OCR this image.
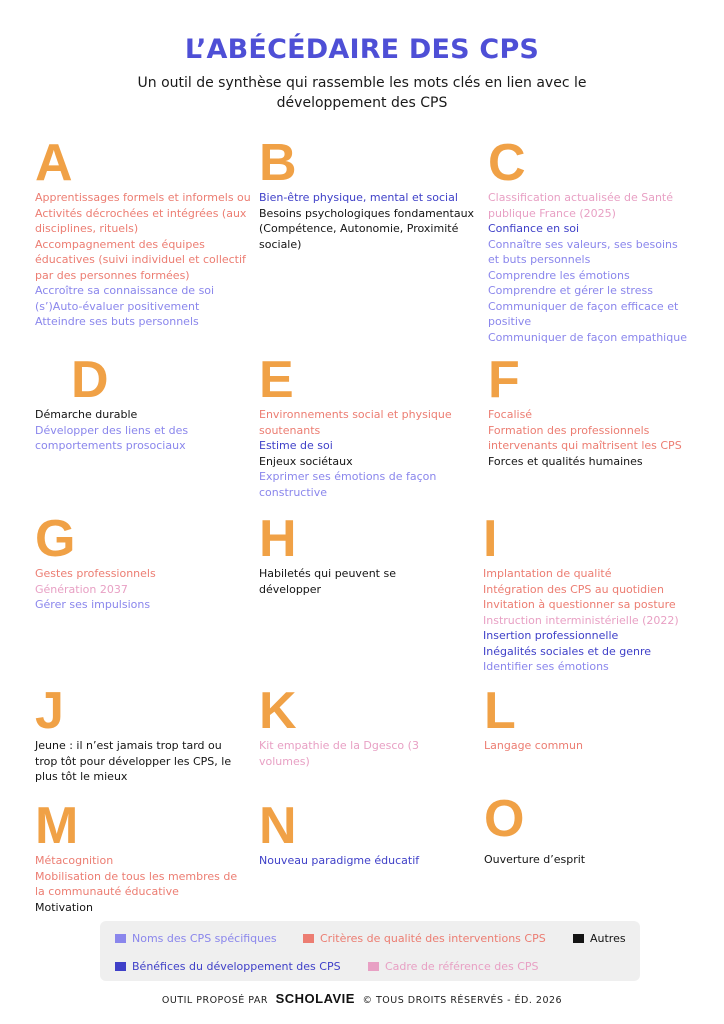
L’ABÉCÉDAIRE DES CPS
Un outil de synthèse qui rassemble les mots clés en lien avec le développement des CPS
A
Apprentissages formels et informels ou Activités décrochées et intégrées (aux disciplines, rituels)
Accompagnement des équipes éducatives (suivi individuel et collectif par des personnes formées)
Accroître sa connaissance de soi
(s’)Auto-évaluer positivement
Atteindre ses buts personnels
B
Bien-être physique, mental et social
Besoins psychologiques fondamentaux (Compétence, Autonomie, Proximité sociale)
C
Classification actualisée de Santé publique France (2025)
Confiance en soi
Connaître ses valeurs, ses besoins et buts personnels
Comprendre les émotions
Comprendre et gérer le stress
Communiquer de façon efficace et positive
Communiquer de façon empathique
D
Démarche durable
Développer des liens et des comportements prosociaux
E
Environnements social et physique soutenants
Estime de soi
Enjeux sociétaux
Exprimer ses émotions de façon constructive
F
Focalisé
Formation des professionnels intervenants qui maîtrisent les CPS
Forces et qualités humaines
G
Gestes professionnels
Génération 2037
Gérer ses impulsions
H
Habiletés qui peuvent se développer
I
Implantation de qualité
Intégration des CPS au quotidien
Invitation à questionner sa posture
Instruction interministérielle (2022)
Insertion professionnelle
Inégalités sociales et de genre
Identifier ses émotions
J
Jeune : il n’est jamais trop tard ou trop tôt pour développer les CPS, le plus tôt le mieux
K
Kit empathie de la Dgesco (3 volumes)
L
Langage commun
M
Métacognition
Mobilisation de tous les membres de la communauté éducative
Motivation
N
Nouveau paradigme éducatif
O
Ouverture d’esprit
Noms des CPS spécifiques	Critères de qualité des interventions CPS	Autres
Bénéfices du développement des CPS	Cadre de référence des CPS
OUTIL PROPOSÉ PAR SCHOLAVIE © TOUS DROITS RÉSERVÉS - ÉD. 2026
